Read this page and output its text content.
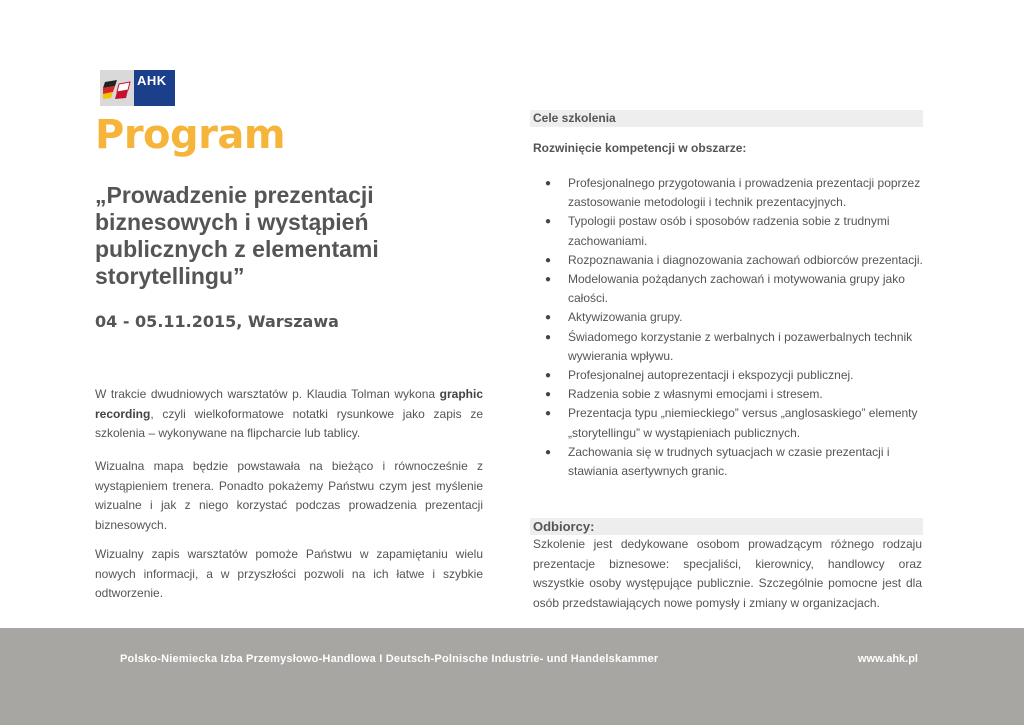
AHK
Program
„Prowadzenie prezentacji biznesowych i wystąpień publicznych z elementami storytellingu”
04 - 05.11.2015, Warszawa
W trakcie dwudniowych warsztatów p. Klaudia Tolman wykona graphic recording, czyli wielkoformatowe notatki rysunkowe jako zapis ze szkolenia – wykonywane na flipcharcie lub tablicy.
Wizualna mapa będzie powstawała na bieżąco i równocześnie z wystąpieniem trenera. Ponadto pokażemy Państwu czym jest myślenie wizualne i jak z niego korzystać podczas prowadzenia prezentacji biznesowych.
Wizualny zapis warsztatów pomoże Państwu w zapamiętaniu wielu nowych informacji, a w przyszłości pozwoli na ich łatwe i szybkie odtworzenie.
Cele szkolenia
Rozwinięcie kompetencji w obszarze:
● Profesjonalnego przygotowania i prowadzenia prezentacji poprzez zastosowanie metodologii i technik prezentacyjnych.
● Typologii postaw osób i sposobów radzenia sobie z trudnymi zachowaniami.
● Rozpoznawania i diagnozowania zachowań odbiorców prezentacji.
● Modelowania pożądanych zachowań i motywowania grupy jako całości.
● Aktywizowania grupy.
● Świadomego korzystanie z werbalnych i pozawerbalnych technik wywierania wpływu.
● Profesjonalnej autoprezentacji i ekspozycji publicznej.
● Radzenia sobie z własnymi emocjami i stresem.
● Prezentacja typu „niemieckiego” versus „anglosaskiego” elementy „storytellingu” w wystąpieniach publicznych.
● Zachowania się w trudnych sytuacjach w czasie prezentacji i stawiania asertywnych granic.
Odbiorcy:
Szkolenie jest dedykowane osobom prowadzącym różnego rodzaju prezentacje biznesowe: specjaliści, kierownicy, handlowcy oraz wszystkie osoby występujące publicznie. Szczególnie pomocne jest dla osób przedstawiających nowe pomysły i zmiany w organizacjach.
Polsko-Niemiecka Izba Przemysłowo-Handlowa I Deutsch-Polnische Industrie- und Handelskammer	www.ahk.pl
